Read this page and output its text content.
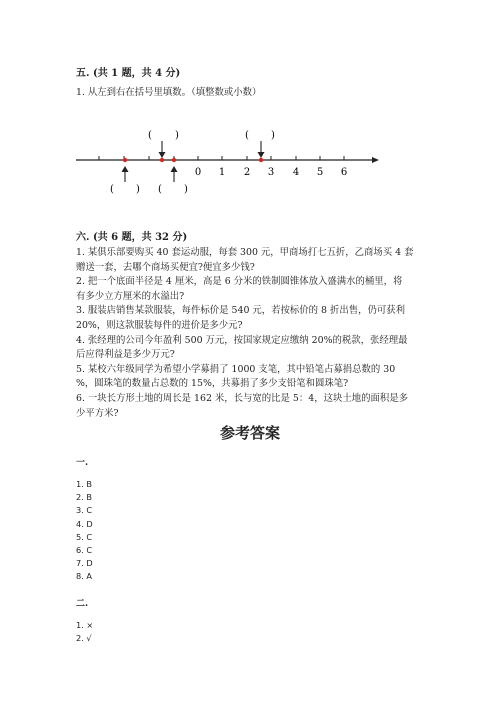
五. (共 1 题，共 4 分)
1. 从左到右在括号里填数。（填整数或小数）
( )	( )
0 1 2 3 4 5 6
( ) ( )
六. (共 6 题，共 32 分)
1. 某俱乐部要购买 40 套运动服，每套 300 元，甲商场打七五折，乙商场买 4 套
赠送一套，去哪个商场买便宜?便宜多少钱?
2. 把一个底面半径是 4 厘米，高是 6 分米的铁制圆锥体放入盛满水的桶里，将
有多少立方厘米的水溢出?
3. 服装店销售某款服装，每件标价是 540 元，若按标价的 8 折出售，仍可获利
20%，则这款服装每件的进价是多少元?
4. 张经理的公司今年盈利 500 万元，按国家规定应缴纳 20%的税款，张经理最
后应得利益是多少万元?
5. 某校六年级同学为希望小学募捐了 1000 支笔，其中铅笔占募捐总数的 30
%，圆珠笔的数量占总数的 15%，共募捐了多少支铅笔和圆珠笔?
6. 一块长方形土地的周长是 162 米，长与宽的比是 5：4，这块土地的面积是多
少平方米?
参考答案
一.
1. B
2. B
3. C
4. D
5. C
6. C
7. D
8. A
二.
1. ×
2. √
